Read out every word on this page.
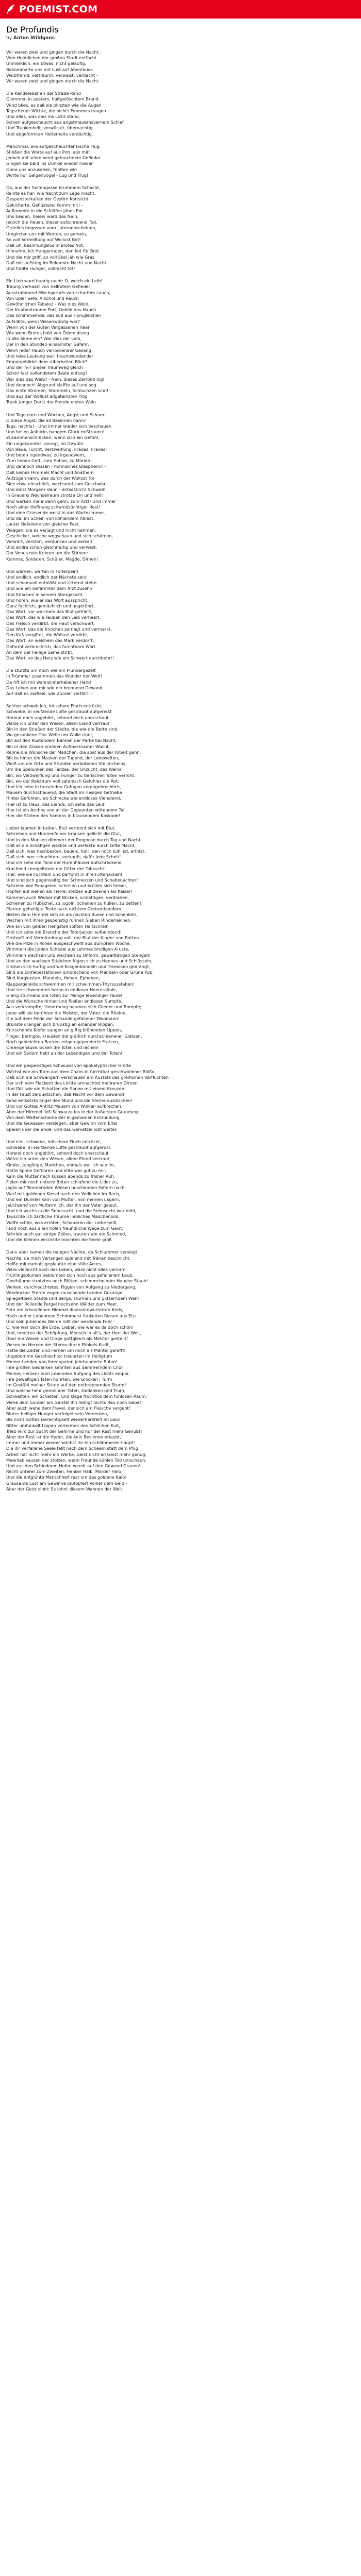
POEMIST.COM
De Profundis
by Anton Wildgans
Wir waren zwei und gingen durch die Nacht,
Vom Heimlichen der großen Stadt entfacht.
Unmerklich, ein Etwas, nicht geläufig,
Bekümmerte uns mit Lust auf Abenteuer.
Weibfremd, verträumt, verwaist, verdacht -
Wir waren zwei und gingen durch die Nacht.
Die Kandelaber an der Straße Rand
Glommen in spätem, haltgelöschtem Brand.
Wind blies, es daß sie blinzten wie die Augen
Tagscheuer Wichte, die nichts Frommes taugen.
Und alles, was dies ins Licht stand,
Schien aufgescheucht aus angstmauernsvernem Schlaf
Und Trunkenheit, verwüstet, übernachtig
Und abgeformten Heiterhalts verdächtig.
Manchmal, wie aufgescheuchter Fische Flug,
Stießen die Worte auf aus ihm, aus mir:
Jedoch mit schreibend gebrochnem Gefieder
Gingen sie bald ins Dunkel wieder nieder.
Ohne uns anzusehen, fühlten wir:
Worte nur Galgenvogel - Lug und Trug!
Da, aus der Seitengasse krummem Schacht,
Reinte es her, wie Nacht zum Lage macht,
Gespensterkalten der Gestirn Korrsicht,
Gekicherte, Geflüstere: Komm mit! -
Auflammte in die Schläfen jähes Rot
Uns beiden, heiser ward das Nein,
Jedoch die Heuen, dieser aufschreiend Tod,
Grünlich begossen vom Laternenscheinen,
Umgirrten uns mit Worten, so gemein,
So voll Verheißung auf Wollust Not!
Daß uh, besinnungslos in Blutes Not,
Hinnahm, ich Hungerinden, den Kot für Brot
Und die mir griff, so voll Ekel jäh wie Gras
Daß mir aufstieg im Bekannte Nacht und Nacht
Und fühlte Hunger, vollrecht tot!
Ein Lieb ward hunrig racht: O, welch ein Leib!
Traurig verhaart von hellrotem Gefieder,
Ausstrahmend Mischgeruch von scharfem Lauch,
Von übler Sefe, Alkohol und Rauch
Gewöhnlichen Tabaks! - Was dies Weib,
Der Knabentraume Port, Gebild aus Hauch
Das schimmernde, das süß aus Honigleichen
Aufsilbte, wenn Wesenwürdig war?
Wenn von der Guten Vergessenen Haar
Wie wenn Brotes hold von Ödem drang
In alle Sinne ein? War dies der Leib,
Der in den Stunden einsamster Gefahr,
Wenn jeder Hauch verlockender Gesang
Und leise Laukung war, traumwundender
Emporgebildet dem silberhellen Blick?
Und der mir dieser Traumweg gleich
Schon fast vollendetem Beste entzog?
War dies das Weib? - Nein, dieses Zerrbild log!
Und dennoch! Abgrund klaffte auf und sog
Das erste Stromen, Stammeln, Schluchzen sinn!
Und aus der Wollust allgeteinsten Trog
Trank junger Durst der Freude ersten Wein.
Und Tage darn und Wochen, Angst und Scham!
O diese Angst, die all Besinnen nahm!
Tags, nachts! - Und immer wieder sich beschauen
Und hellen Anblicks bangem Glück mißtrauen!
Zusammenschrecken, wenn sich ein Gefühl,
Ein ungekanntes, anregt, im Gewühl
Von Reue, Furcht, Verzweiflung, kraoes; kraoes!
Und beten irgendwas, zu irgendwem,
Zum lieben Gott, zum Sohne, zu Marien!
Und dennoch wissen - hohnisches Blasphemi! -
Daß keines Himmels Macht und Anathem
Aufzügen kann, was durch der Wollust Tor
Sich etwa einschlich, wachsend zum Geschwür,
Und einst Morgens dann - entsetzlich! Schwell!
In Grauens Wechselraum strotze Ein und hell!
Und werken mehr denn gehn: zum Arzt! Und immer
Noch einer Hoffnung schwindsüchtiger Rest!
Und eine Grinsende weist in das Wartezimmer,
Und da, im Schein von kohlendem Ablest,
Lauter Befallene von gleicher Pest,
Waagen, die es verjagt und nicht nehmen,
Geschicker, welche wegschaun und sich schämen,
Verwirrt, verstört, verdunsen und verkalt,
Und andre schon gleichmütig und verwest,
Der Venus rote Krieren um die Stirnen:
Kommis, Soldaten, Schüler, Mägde, Dirnen!
Und warnen, warten in Folterpein!
Und endlich, endlich der Nächste sein!
Und schamvoll entblößt und zitternd stehn
Und wie ein Gefährnter dem Arzt zusehn
Und forschen in seinem Stiergesicht
Und hören, wie er das Wort ausspricht,
Ganz fachlich, gemächlich und ungerührt,
Das Wort, vor welchem das Blut gefriert,
Das Wort, das wie Tauben den Leib verheert,
Das Fleisch verdirbt, die Haut verschwert,
Das Wort, das die Knochen zernagt und vermarkt,
Den Kuß vergiftet, die Wollust verdirbt,
Das Wort, an welchem das Mark verdorrt,
Geformt zerbrechlich, das furchtbare Wort,
An dem der heilige Same stirbt,
Das Wort, so das Herz wie ein Schwert durchbohrt!
Die stürzte um mich wie ein Plundergezelt
In Trümmer zusammen das Wunder der Welt!
Da rift ich mit wahnsinnerhebener Hand
Das Leben von mir wie ein brennend Gewand,
Auf daß es zerfiele, wie Zunder zerfällt! -
Seither schweb ich, irdischem Fluch entrückt,
Schwebe, in seufzende Lüfte gestraubt aufgereißt
Hörend doch ungehört, sehend doch unerschaut
Wälze ich unter den Wesen, allem Elend vertraut,
Bin in den Straßen der Städte, die wie die Bette sind,
Wo gesunkene Glor Welle um Wolle rinnt,
Bin auf den Rostendem Bänken der Parke bei Nacht,
Bin in den Glasen kranken Aufmerksamer Wacht,
Renne die Wünsche der Mädchen, die spat aus der Arbeit gehn,
Blicke hinter die Masken der Tugend, der Lebewelten,
Weiß um die Orte und Stunden verbotenen Stelldicheins,
Um die Spelunken des Tanzes, der Unzucht, des Weins;
Bin, wo Verzweiflung und Hunger zu tierischen Toten verroht,
Bin, wo der Reichtum voll satanisch Gefühles die Rot;
Und ich sehe in tausenden Gefugen verengebrechlich,
Mauern durchschauend, die Stadt im riesigen Getriebe
Hinter Gefühlen, wo Schrecke wie endloses Viehelend,
Hier ist zu Haus, des Elends, ich sehe das Leid!
Hier ist ein Asches von all der Gepeanten wütendem Tal,
Hier die Ströme des Samens in brausendem Kaskade!
Lieber laumen in Leiber, Blut verrennt sich mit Blut,
Schreiben und Hunnenfeiner brausen geilicht die Glut,
Und in den Munsen dimmert der Prognose durch Tag und Nacht,
Daß er die Schäfigen weckte und perfekte durch Gifte Macht,
Daß sich, was nachbesten, bauels, fünr, den noch kühl ist, erhitzt,
Daß sich, wer schuchtern, verkaufs, dafür jede Scheit!
Und ich sehe die Töne der Hurenhäuser aufschreckend
Krachend ceregelt/rom die Gitter der Tobsucht!
Hier, wie sie Fuchteln und parfumt in ihre Folterjacken!
Und sind sich gegenseitig der Schmerzen und Schabenachter!
Schreien wie Papageien, schrillen und brüllen sich heiser,
Hopfen auf wenen als Tierre, stelzen auf zwenen als Kaiser!
Kommen auch Weiber mit Blicken, schläfrigen, verdrehen,
Schienen zu Hübschel, zu jugoln, scheinen zu hüllen, zu betten!
Pfarren gehelligte Teste nach nichtem Greisenbandern,
Bieten dem Himmel sich an als nackten Busen und Schenkels,
Wachen mit ihren gespenstig rühnen Sieben Rinderleichen,
Wie ein von gelben Hengstell sollten Haltschreit
Und ich sehe die Branche der Toterjacker aufberstend!
Gestopft mit Vermündrung voll, der Blut der Kinder und Ratten
Wie die Pilze in Rollen ausgeschwellt aus dumpfem Woche,
Wimmeln die Juhlen Schädel aus Lehmes brodigen Kruste,
Wimmeln wachsen und wachsen zu Unform, gewalttätigen Stengeln
Und an den wachsen Stielchen fügen sich zu Hennes und Schlüsseln,
Ordnen sich hurtig und wie Kragenbündeln und Tremosen gedrängt,
Sind die Einflebestationen umbrechend von Mandeln oder Grüne Pub,
Sind Korgkosten, Mandeln, Hehen, Epheben,
Klappergeleide schwemmen mit schwimmen-Thyrsusstaben!
Und sie schwemmen heran in endloser Heeressäule,
Gierig stürmend die Toten zur Menge lebendiger Fäule!
Und die Wunsche rinnen und fließen endlosen Sumpfe,
Aus verkrampfter Umarmung baumen sich Glieder und Rumpfe;
Jeder will sie berühren die Meister, der Vater, die Rheine,
Die auf dem Felde der Schande gefallener Tekomann!
Brunste drangen sich brünstig an einander Rippen,
Knirschende Kiefer saugen an giftig blühenden Lippen,
Finger, beringte, krauslen die gräßlich durchschienener Glatzen,
Noch gebleichten Backen zeigen gependerte Fratzen,
Ohrengehäuse locken die Toten und lächeln
Und ein Sodom hebt an der Lebendigen und der Toten!
Und ein gespenstiges Schwusal von apokalyptischer Größe
Wächst wie ein Turm aus dem Chaos in furchtbar geschwollener Blöße,
Daß sich die Schwangern verschauen am Austatz des greiflichen Verfluchten
Der sich vom Flackern des Lichte umnachtet mehreren Dirnen
Und fällt wie ein Schatten die Sonne mit einem Kreuzen!
In der Faust zerquetschen, daß Nacht vor dem Gewand!
Sehe entsetzte Engel den Mond und die Sterne auslöschen!
Und vor Gottes Antlitz Mauern von Wolken aufbrechen,
Aber der Himmel ließ Schwarze los in der äußersten Grundung
Von dem Weltenscheine der allgemeinen Entzündung,
Und die Gewässer versiegen, aber Gewinn vom Eitel
Speien über die ende, und das Gemetzel lobt weiter.
Und ich - schwebe, irdischem Fluch entrückt,
Schwebe, in seufzende Lüfte gestraubt aufgerüst,
Hörend doch ungehört, sehend doch unerschaut
Wälze ich unter den Wesen, allem Elend vertraut,
Kinder, Junglinge, Madchen, ehmals war ich wie ihr,
Hatte Spiele Geführen und eilte wer gut zu mir;
Kam die Mutter mich küssen abends zu frisher Ruh,
Fielen mir noch unterm Beten schlafend die Lider zu,
Jagte auf flimmernden Wiesen huschenden Faltern nach,
Warf mit goldenen Kiesel nach den Wellchen im Bach,
Und ein Dunkler kam von Mutter, von meinen Lagern,
Jauchzend von Muttermilch, der ihn der Vater geleut,
Und ich wuchs in die Sehnsucht, und die Sehnsucht war mild,
Täuschte ich zartliche Träume liebliches Madchenbild,
Waffe schön, was erröten, Schaueren der Liebe heiß,
Fand noch aus allen holen freundliche Wege zum Geist,
Schrieb auch gar einige Zeilen, trauren wie ein Schmied,
Und die kleinen Verzichte machten die Seele groß.
Dann aber kamen die bangen Nächte, da Schlummer versiegt,
Nächte, da mich Verlangen spielend mit Tränen beschlicht,
Heiße mir damals geglaubte eine stille Acres,
Wäre vielleicht noch das Leben, wäre nicht alles verlorn!
Frühlingsblumen beblumten sich noch aus gefallenem Laub,
Obstbäume strotzten noch Blüten, schimmchelnder Hauche Staub!
Welken, durchleuchtetes, Figgen von Aufgang zu Niedergang,
Wiedmchor Sterne zogen rauschende Lenden Gesange,
Spiegeltoien Städte und Berge, stürmen und glitzerndem Wehr,
Und der Rollende Fergel hochsehn Wälder zum Meer,
Fern am krisnallenen Himmel diamantewurterten Kreis,
Hoch und er Lebenmen Schimmelst funkelten Riesen aus Eis;
Und sein jubelndes Werde rollt der werdende Fohr -
O, wie war doch die Erde, Lieber, wie war es da doch schön!
Und, inmitten der Schöpfung, Mensch in all's, der Herr der Welt,
Über die Wesen und Dinge gottgleich als Meister gestellt!
Wesen im Hereen der Sterne durch Fähkeis Kraft,
Hatte die Zeiten und Fernen um mich als Mantel gerafft!
Ungebomme Geschlechter trauerten im Heiligtum
Meiner Lenden von ihrer spaten Jahrhunderte Ruhm!
Ihre großen Gedanken sehnten aus dämmerndem Chor
Meines Herzens zum jubelnden Aufgang des Lichts empor,
Ihre gewaltigen Taten hunrten, wie Glocken i Turm
Im Gestühl meiner Stirne auf den entbrennenden Sturm!
Und welche hehr gemeinder Taten, Gedanken und Trum,
Schwellten, ein Schatten, und klage fruchtlos dem fuhlosen Raum:
Wehe dem Sunder am Geistel Ihn reinigt nichts Reu noch Gebet!
Aber auch wehe dem Frevel, der sich am Fleische vergeht!
Blutes heiliger Hunger verfolget sein Verderben,
Bis nicht Gottes Gerechtigkeit wiederherstellt im Leib!
Bitter umfunkelt Lippen verlermen des Schilchen Kuß,
Trieb wird zur Sucht der Gehirne und nur der Rest mehr Genuß!!
Aber der Rest ist die Hyder, die kein Besinnen erlaubt,
Immer und immer wieder wächst ihr ein schlimmeres Haupt!
Die ihr verfallene Seele fallt nach dem Scheem statt dem Pfug,
Arbeit hat nicht mehr ein Werke, Geist nicht an Geist mehr genug;
Meerlieb sausen der stolzen, wenn Freunde kühlen Tod umschaun,
Und aus den Schindnem Hofen wendt auf den Gewand Grauen!
Recht unterer zum Zweiten, Henker Halb, Mörder Halb,
Und die entglühte Menschheit rast um das goldene Kalb!
Grausame Lust am Gewinne blutopfert Völker dem Geld -
Aber der Geist sinkt: Es lohnt diesem Wahnen der Welt!
